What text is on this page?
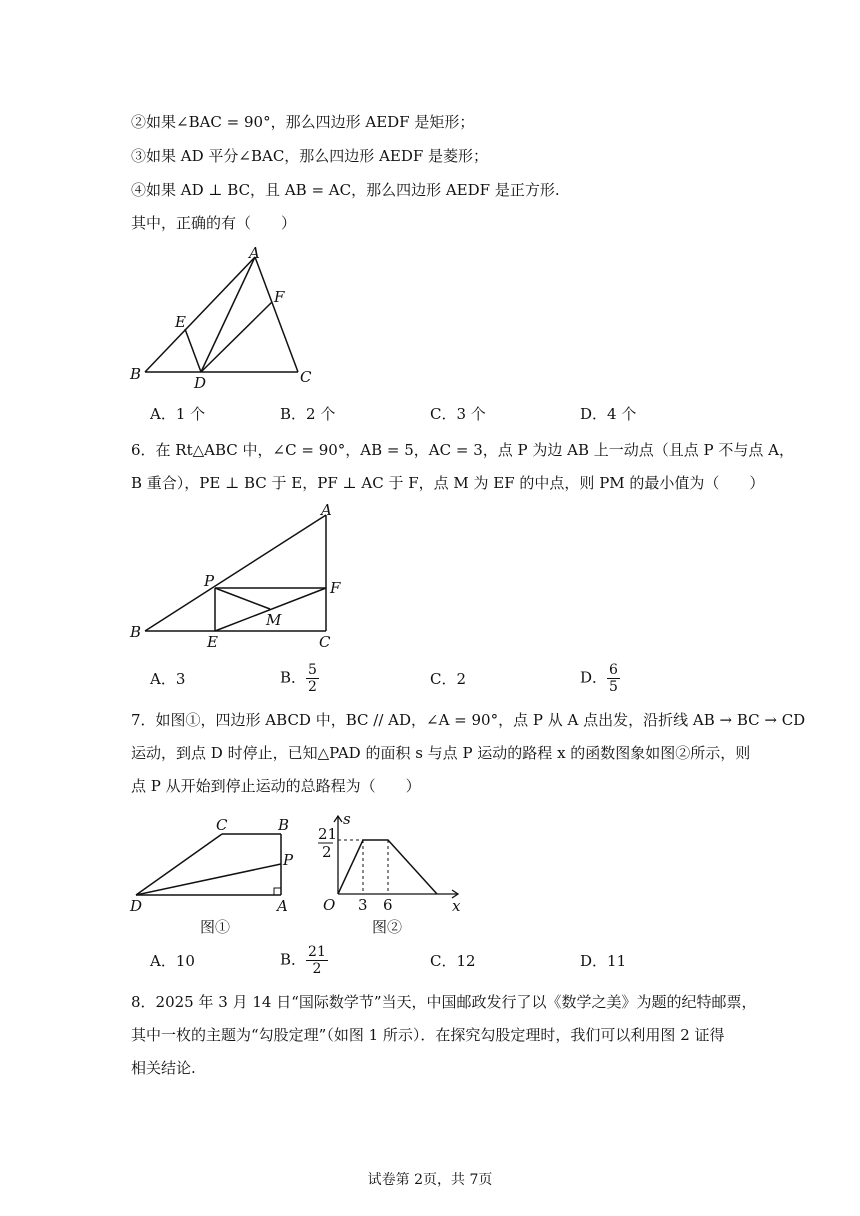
②如果∠BAC = 90°，那么四边形 AEDF 是矩形；
③如果 AD 平分∠BAC，那么四边形 AEDF 是菱形；
④如果 AD ⊥ BC，且 AB = AC，那么四边形 AEDF 是正方形.
其中，正确的有（　　）
A
B	C
D
E
F
A．1 个	B．2 个	C．3 个	D．4 个
6．在 Rt△ABC 中，∠C = 90°，AB = 5，AC = 3，点 P 为边 AB 上一动点（且点 P 不与点 A，
B 重合），PE ⊥ BC 于 E，PF ⊥ AC 于 F，点 M 为 EF 的中点，则 PM 的最小值为（　　）
A
B
C
P
E
F
M
A．3	B． $\frac{5}{2}$	C．2	D． $\frac{6}{5}$
7．如图①，四边形 ABCD 中，BC // AD，∠A = 90°，点 P 从 A 点出发，沿折线 AB → BC → CD
运动，到点 D 时停止，已知△PAD 的面积 s 与点 P 运动的路程 x 的函数图象如图②所示，则
点 P 从开始到停止运动的总路程为（　　）
C	B
P
D	A
图①
s
21
2
O 3 6	x
图②
A．10	B． $\frac{21}{2}$	C．12	D．11
8．2025 年 3 月 14 日“国际数学节”当天，中国邮政发行了以《数学之美》为题的纪特邮票，
其中一枚的主题为“勾股定理”（如图 1 所示）．在探究勾股定理时，我们可以利用图 2 证得
相关结论.
试卷第 2页，共 7页
